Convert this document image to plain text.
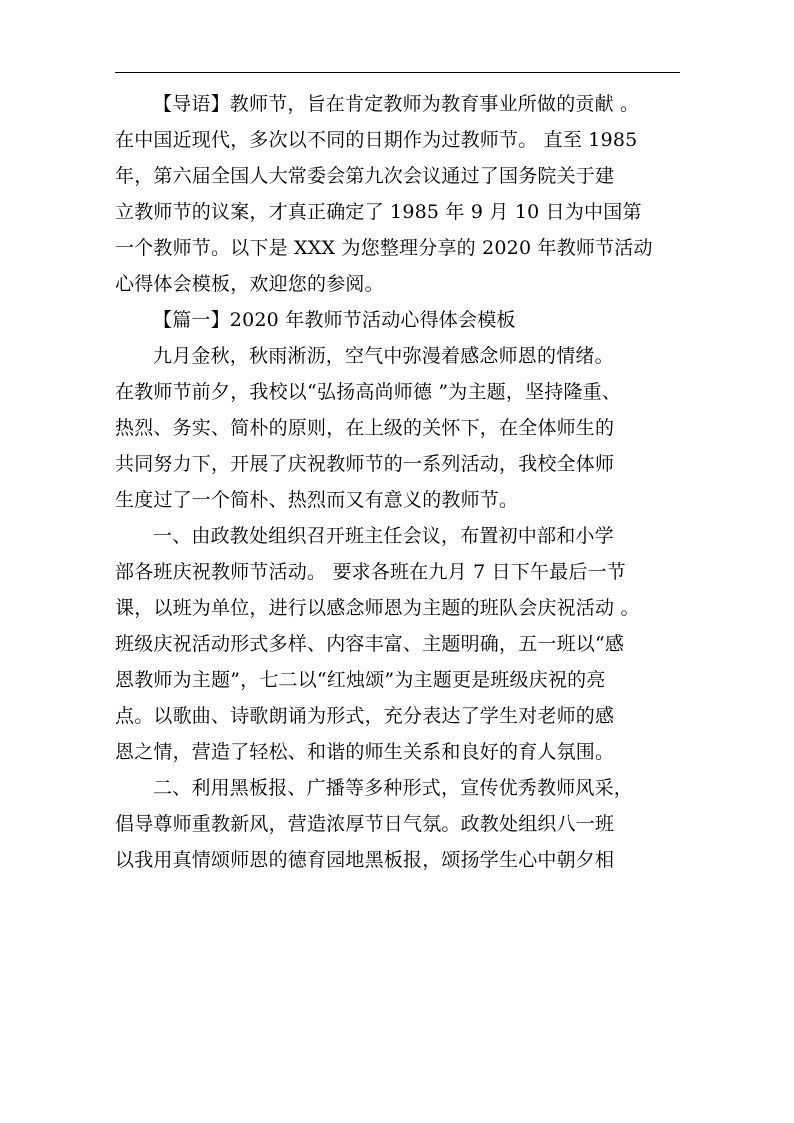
【导语】教师节，旨在肯定教师为教育事业所做的贡献 。
在中国近现代，多次以不同的日期作为过教师节。 直至 1985
年，第六届全国人大常委会第九次会议通过了国务院关于建
立教师节的议案，才真正确定了 1985 年 9 月 10 日为中国第
一个教师节。以下是 XXX 为您整理分享的 2020 年教师节活动
心得体会模板，欢迎您的参阅。
【篇一】2020 年教师节活动心得体会模板
九月金秋，秋雨淅沥，空气中弥漫着感念师恩的情绪。
在教师节前夕，我校以“弘扬高尚师德 ”为主题，坚持隆重、
热烈、务实、简朴的原则，在上级的关怀下，在全体师生的
共同努力下，开展了庆祝教师节的一系列活动，我校全体师
生度过了一个简朴、热烈而又有意义的教师节。
一、由政教处组织召开班主任会议，布置初中部和小学
部各班庆祝教师节活动。 要求各班在九月 7 日下午最后一节
课，以班为单位，进行以感念师恩为主题的班队会庆祝活动 。
班级庆祝活动形式多样、内容丰富、主题明确，五一班以“感
恩教师为主题”，七二以“红烛颂”为主题更是班级庆祝的亮
点。以歌曲、诗歌朗诵为形式，充分表达了学生对老师的感
恩之情，营造了轻松、和谐的师生关系和良好的育人氛围。
二、利用黑板报、广播等多种形式，宣传优秀教师风采，
倡导尊师重教新风，营造浓厚节日气氛。政教处组织八一班
以我用真情颂师恩的德育园地黑板报，颂扬学生心中朝夕相
